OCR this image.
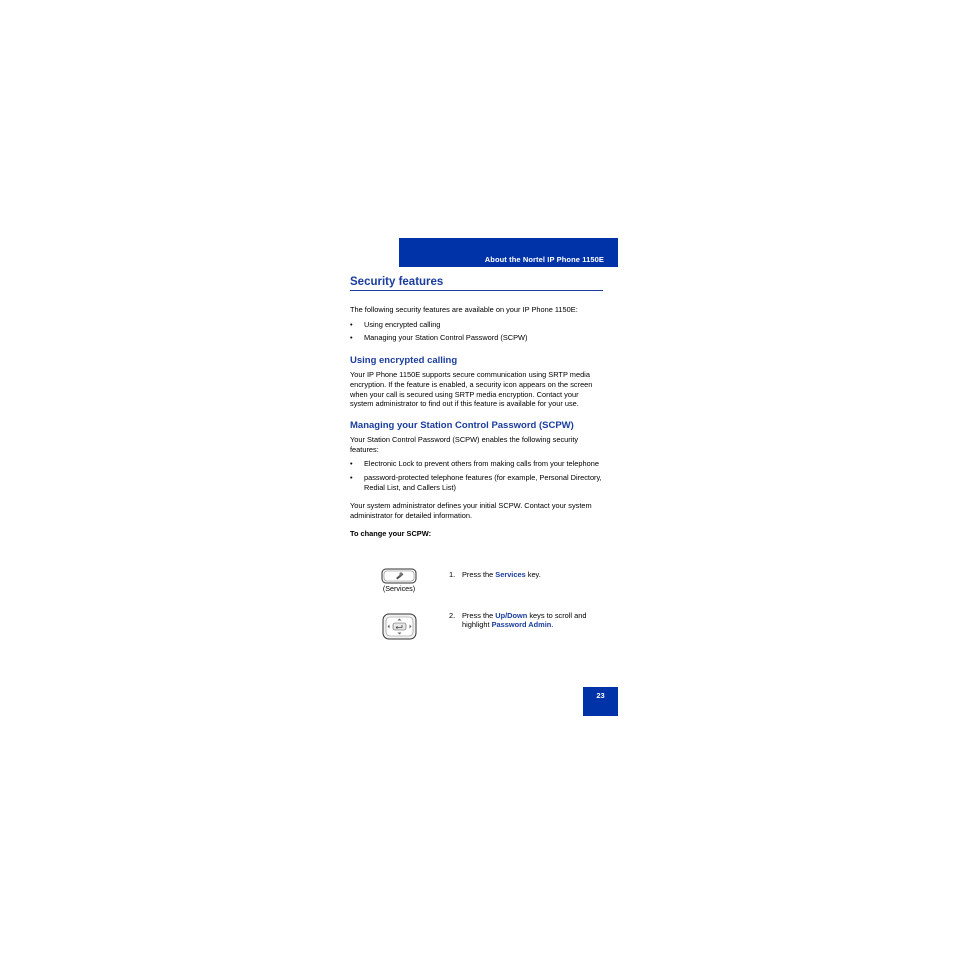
About the Nortel IP Phone 1150E
Security features

The following security features are available on your IP Phone 1150E:

• Using encrypted calling
• Managing your Station Control Password (SCPW)
Using encrypted calling

Your IP Phone 1150E supports secure communication using SRTP media encryption. If the feature is enabled, a security icon appears on the screen when your call is secured using SRTP media encryption. Contact your system administrator to find out if this feature is available for your use.

Managing your Station Control Password (SCPW)

Your Station Control Password (SCPW) enables the following security features:

• Electronic Lock to prevent others from making calls from your telephone
• password-protected telephone features (for example, Personal Directory, Redial List, and Callers List)

Your system administrator defines your initial SCPW. Contact your system administrator for detailed information.

To change your SCPW:

(Services)
1. Press the Services key.
2. Press the Up/Down keys to scroll and highlight Password Admin.
23
